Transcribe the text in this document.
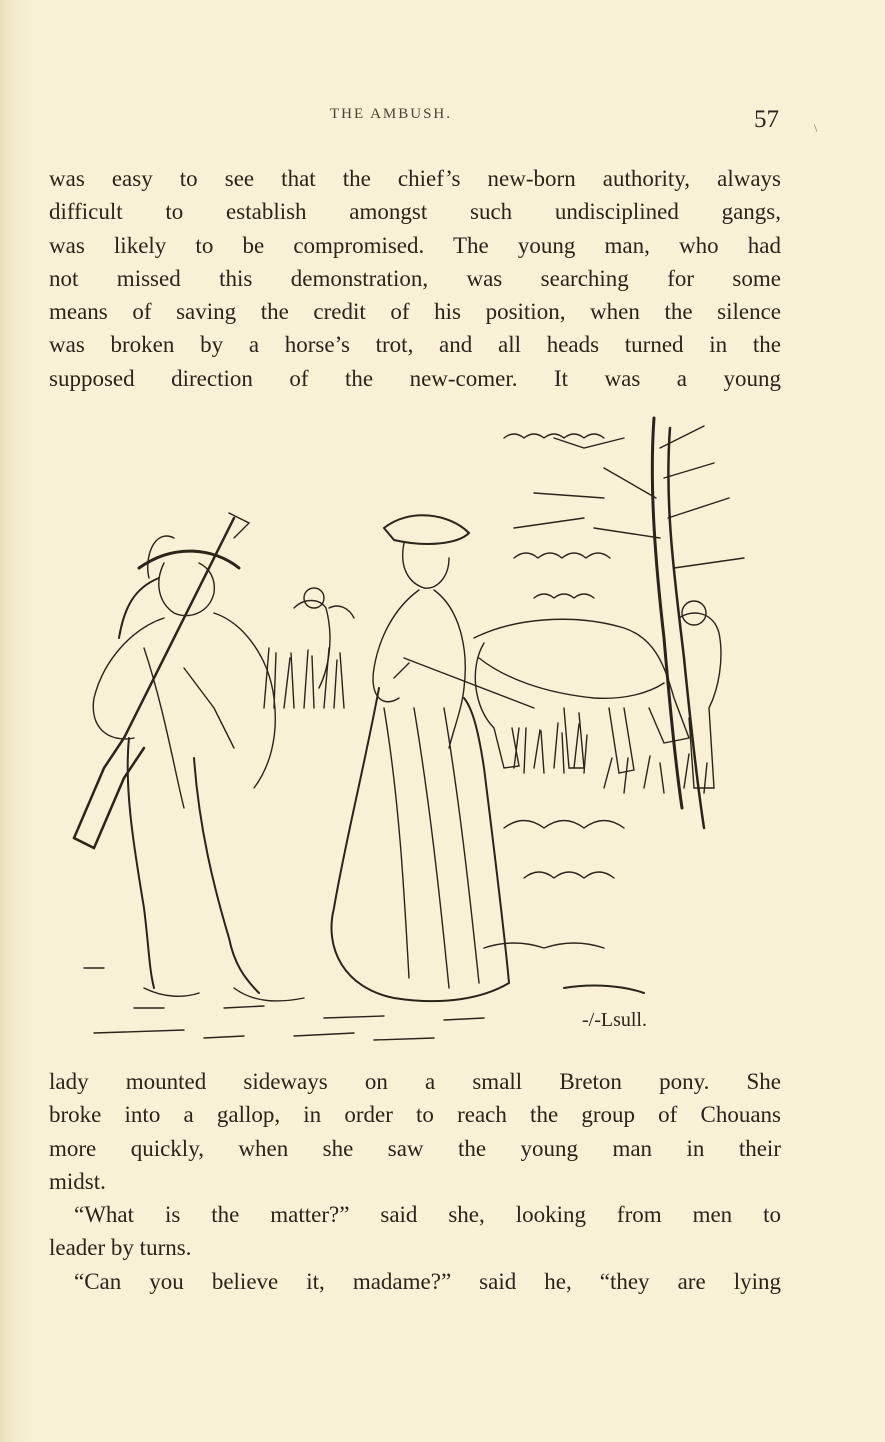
THE AMBUSH.	57	\
was easy to see that the chief’s new-born authority, always
difficult to establish amongst such undisciplined gangs,
was likely to be compromised. The young man, who had
not missed this demonstration, was searching for some
means of saving the credit of his position, when the silence
was broken by a horse’s trot, and all heads turned in the
supposed direction of the new-comer. It was a young
-/-Lsull.
lady mounted sideways on a small Breton pony. She
broke into a gallop, in order to reach the group of Chouans
more quickly, when she saw the young man in their
midst.
“What is the matter?” said she, looking from men to
leader by turns.
“Can you believe it, madame?” said he, “they are lying
